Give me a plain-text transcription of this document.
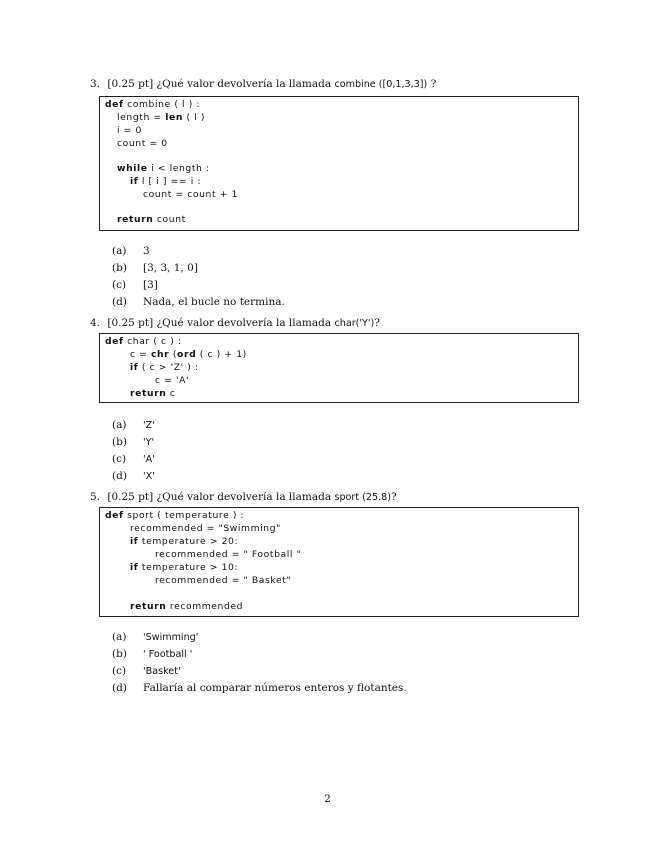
3. [0.25 pt] ¿Qué valor devolvería la llamada combine ([0,1,3,3]) ?
def combine ( l ) :
length = len ( l )
i = 0
count = 0
while i < length :
if l [ i ] == i :
count = count + 1
return count
(a) 3
(b) [3, 3, 1, 0]
(c) [3]
(d) Nada, el bucle no termina.
4. [0.25 pt] ¿Qué valor devolvería la llamada char('Y')?
def char ( c ) :
c = chr (ord ( c ) + 1)
if ( c > 'Z' ) :
c = 'A'
return c
(a) 'Z'
(b) 'Y'
(c) 'A'
(d) 'X'
5. [0.25 pt] ¿Qué valor devolvería la llamada sport (25.8)?
def sport ( temperature ) :
recommended = "Swimming"
if temperature > 20:
recommended = " Football "
if temperature > 10:
recommended = " Basket"
return recommended
(a) 'Swimming'
(b) ' Football '
(c) 'Basket'
(d) Fallaría al comparar números enteros y flotantes.
2
